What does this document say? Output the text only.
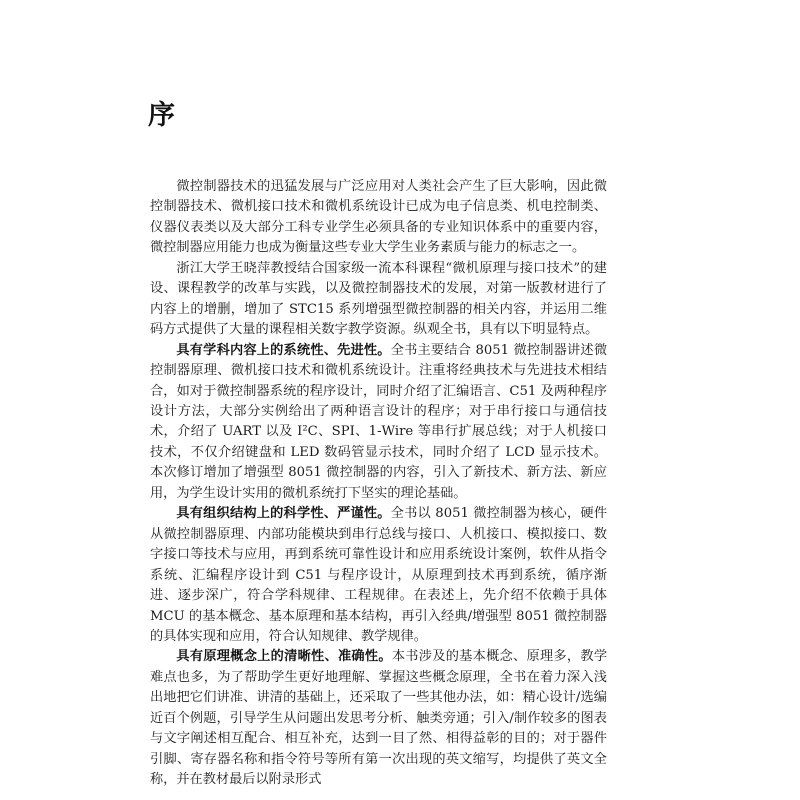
序

微控制器技术的迅猛发展与广泛应用对人类社会产生了巨大影响，因此微控制器技术、微机接口技术和微机系统设计已成为电子信息类、机电控制类、仪器仪表类以及大部分工科专业学生必须具备的专业知识体系中的重要内容，微控制器应用能力也成为衡量这些专业大学生业务素质与能力的标志之一。

浙江大学王晓萍教授结合国家级一流本科课程“微机原理与接口技术”的建设、课程教学的改革与实践，以及微控制器技术的发展，对第一版教材进行了内容上的增删，增加了 STC15 系列增强型微控制器的相关内容，并运用二维码方式提供了大量的课程相关数字教学资源。纵观全书，具有以下明显特点。

具有学科内容上的系统性、先进性。全书主要结合 8051 微控制器讲述微控制器原理、微机接口技术和微机系统设计。注重将经典技术与先进技术相结合，如对于微控制器系统的程序设计，同时介绍了汇编语言、C51 及两种程序设计方法，大部分实例给出了两种语言设计的程序；对于串行接口与通信技术，介绍了 UART 以及 I²C、SPI、1-Wire 等串行扩展总线；对于人机接口技术，不仅介绍键盘和 LED 数码管显示技术，同时介绍了 LCD 显示技术。本次修订增加了增强型 8051 微控制器的内容，引入了新技术、新方法、新应用，为学生设计实用的微机系统打下坚实的理论基础。

具有组织结构上的科学性、严谨性。全书以 8051 微控制器为核心，硬件从微控制器原理、内部功能模块到串行总线与接口、人机接口、模拟接口、数字接口等技术与应用，再到系统可靠性设计和应用系统设计案例，软件从指令系统、汇编程序设计到 C51 与程序设计，从原理到技术再到系统，循序渐进、逐步深广，符合学科规律、工程规律。在表述上，先介绍不依赖于具体 MCU 的基本概念、基本原理和基本结构，再引入经典/增强型 8051 微控制器的具体实现和应用，符合认知规律、教学规律。

具有原理概念上的清晰性、准确性。本书涉及的基本概念、原理多，教学难点也多，为了帮助学生更好地理解、掌握这些概念原理，全书在着力深入浅出地把它们讲准、讲清的基础上，还采取了一些其他办法，如：精心设计/选编近百个例题，引导学生从问题出发思考分析、触类旁通；引入/制作较多的图表与文字阐述相互配合、相互补充，达到一目了然、相得益彰的目的；对于器件引脚、寄存器名称和指令符号等所有第一次出现的英文缩写，均提供了英文全称，并在教材最后以附录形式
